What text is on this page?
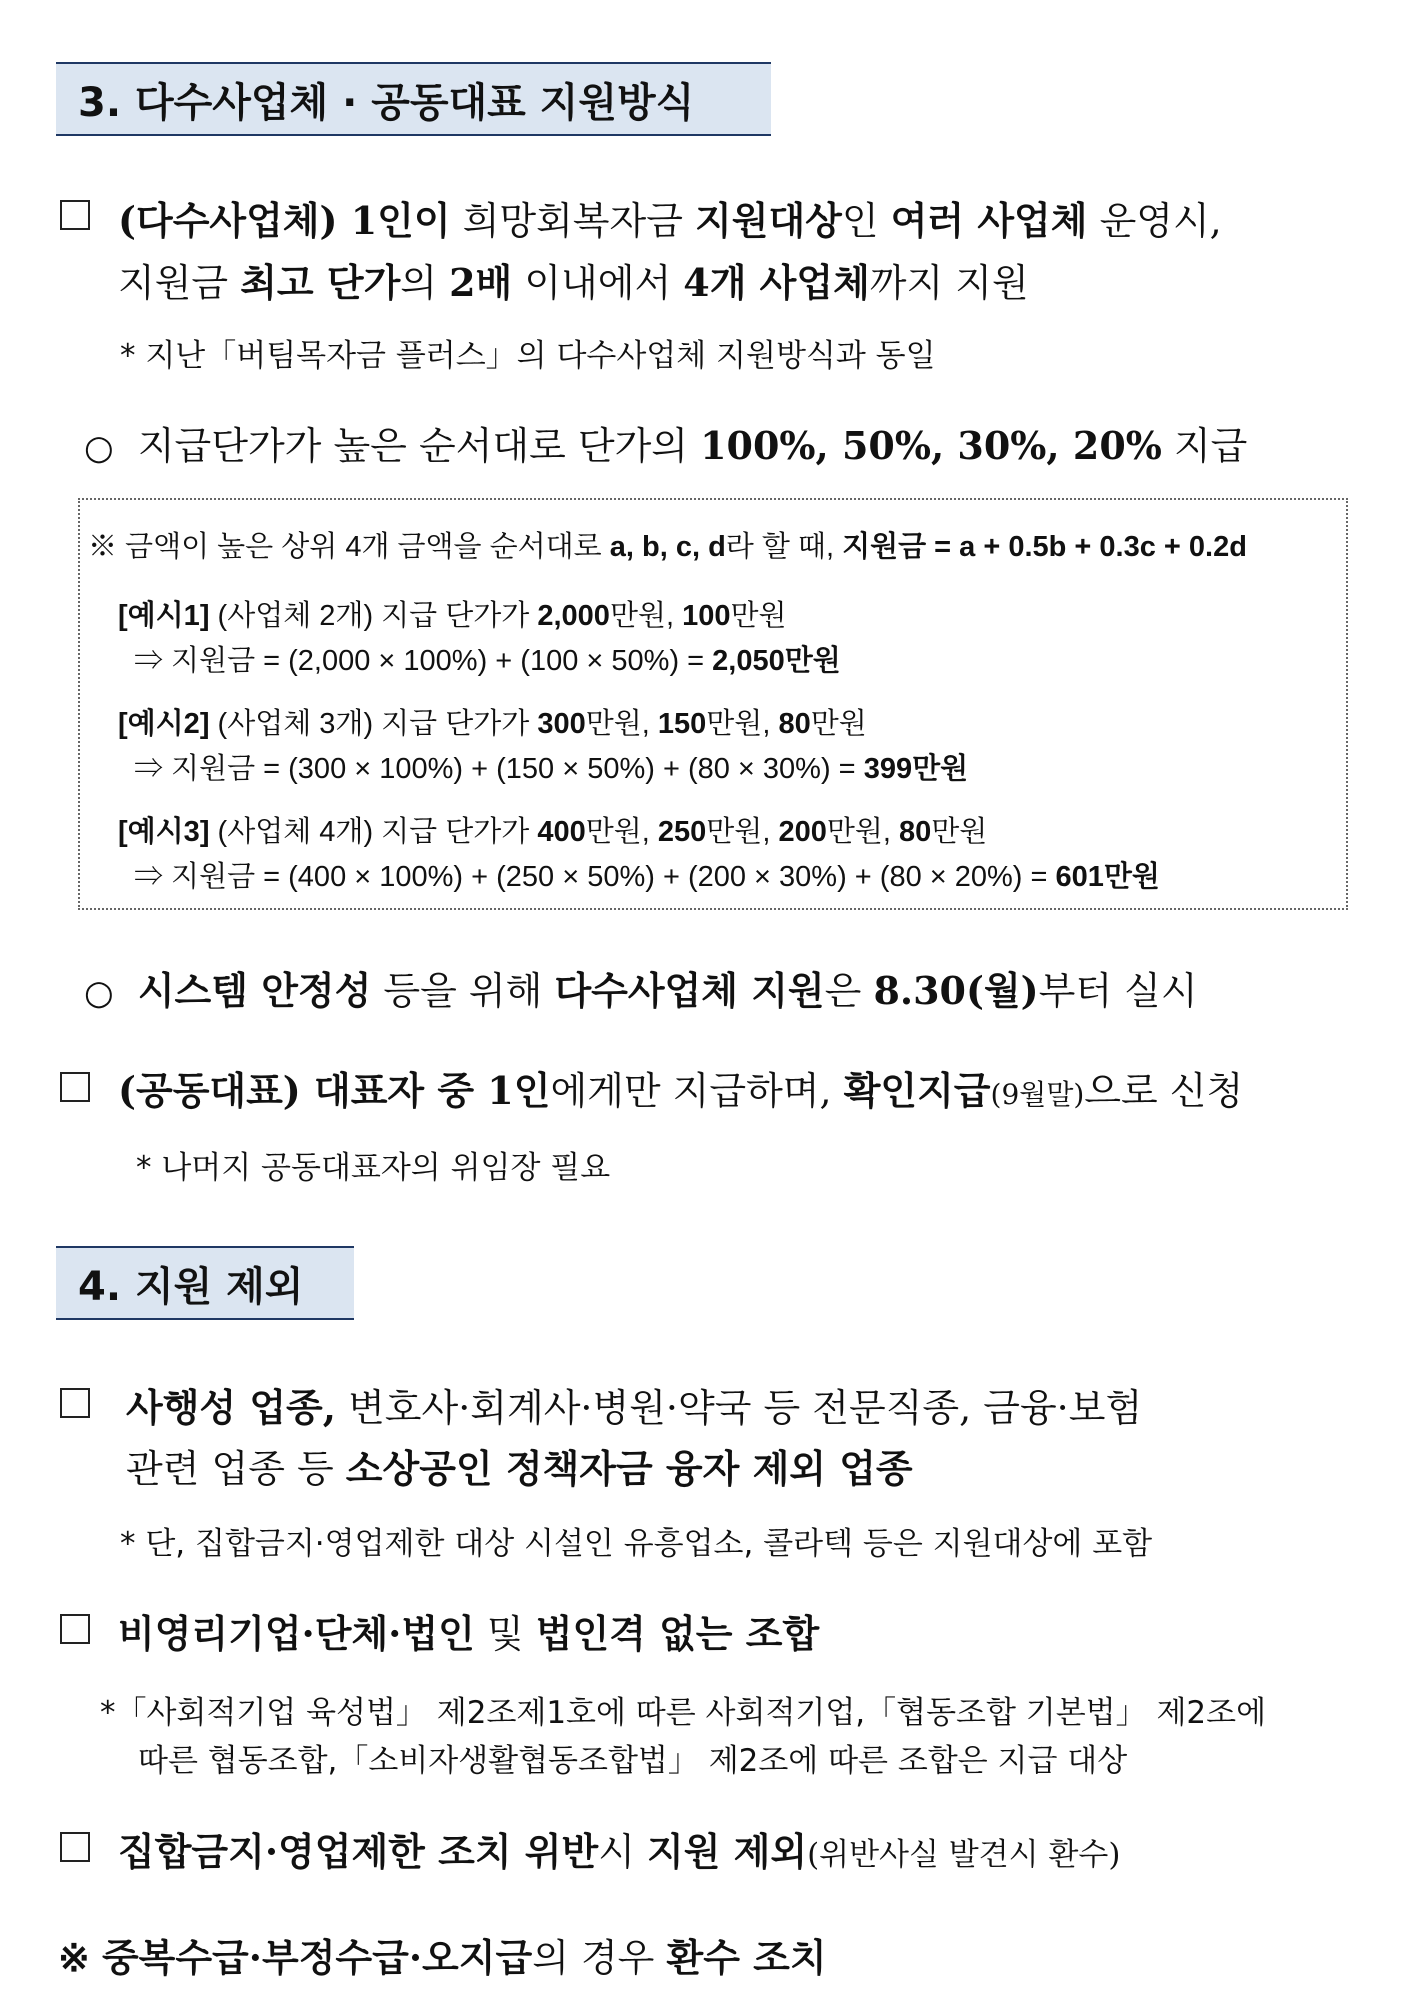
3. 다수사업체 · 공동대표 지원방식
(다수사업체) 1인이 희망회복자금 지원대상인 여러 사업체 운영시,
지원금 최고 단가의 2배 이내에서 4개 사업체까지 지원
* 지난「버팀목자금 플러스」의 다수사업체 지원방식과 동일
○ 지급단가가 높은 순서대로 단가의 100%, 50%, 30%, 20% 지급
※ 금액이 높은 상위 4개 금액을 순서대로 a, b, c, d라 할 때, 지원금 = a + 0.5b + 0.3c + 0.2d
[예시1] (사업체 2개) 지급 단가가 2,000만원, 100만원
⇒ 지원금 = (2,000 × 100%) + (100 × 50%) = 2,050만원
[예시2] (사업체 3개) 지급 단가가 300만원, 150만원, 80만원
⇒ 지원금 = (300 × 100%) + (150 × 50%) + (80 × 30%) = 399만원
[예시3] (사업체 4개) 지급 단가가 400만원, 250만원, 200만원, 80만원
⇒ 지원금 = (400 × 100%) + (250 × 50%) + (200 × 30%) + (80 × 20%) = 601만원
○ 시스템 안정성 등을 위해 다수사업체 지원은 8.30(월)부터 실시
(공동대표) 대표자 중 1인에게만 지급하며, 확인지급(9월말)으로 신청
* 나머지 공동대표자의 위임장 필요
4. 지원 제외
사행성 업종, 변호사·회계사·병원·약국 등 전문직종, 금융·보험
관련 업종 등 소상공인 정책자금 융자 제외 업종
* 단, 집합금지·영업제한 대상 시설인 유흥업소, 콜라텍 등은 지원대상에 포함
비영리기업·단체·법인 및 법인격 없는 조합
*「사회적기업 육성법」 제2조제1호에 따른 사회적기업,「협동조합 기본법」 제2조에
따른 협동조합,「소비자생활협동조합법」 제2조에 따른 조합은 지급 대상
집합금지·영업제한 조치 위반시 지원 제외(위반사실 발견시 환수)
※ 중복수급·부정수급·오지급의 경우 환수 조치
